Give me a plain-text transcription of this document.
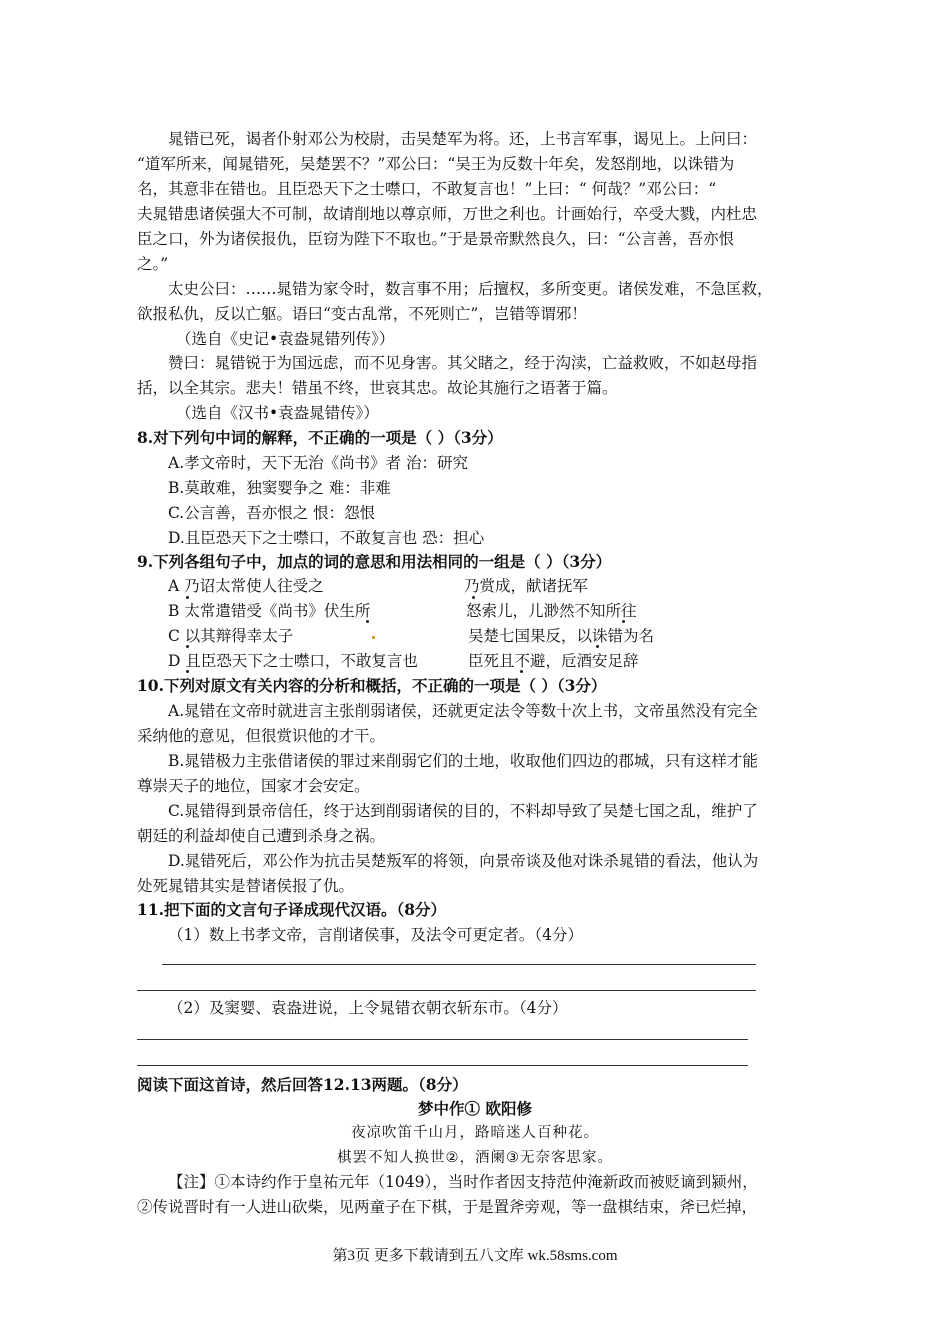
晁错已死，谒者仆射邓公为校尉，击吴楚军为将。还，上书言军事，谒见上。上问曰：
“道军所来，闻晁错死，吴楚罢不？”邓公曰：“吴王为反数十年矣，发怒削地，以诛错为
名，其意非在错也。且臣恐天下之士噤口，不敢复言也！”上曰：“ 何哉？”邓公曰：“
夫晁错患诸侯强大不可制，故请削地以尊京师，万世之利也。计画始行，卒受大戮，内杜忠
臣之口，外为诸侯报仇，臣窃为陛下不取也。”于是景帝默然良久，曰：“公言善，吾亦恨
之。”
太史公曰：……晁错为家令时，数言事不用；后擅权，多所变更。诸侯发难，不急匡救，
欲报私仇，反以亡躯。语曰“变古乱常，不死则亡”，岂错等谓邪！
（选自《史记•袁盎晁错列传》）
赞曰：晁错锐于为国远虑，而不见身害。其父睹之，经于沟渎，亡益救败，不如赵母指
括，以全其宗。悲夫！错虽不终，世哀其忠。故论其施行之语著于篇。
（选自《汉书•袁盎晁错传》）
8.对下列句中词的解释，不正确的一项是（ ）（3分）
A.孝文帝时，天下无治《尚书》者 治：研究
B.莫敢难，独窦婴争之 难：非难
C.公言善，吾亦恨之 恨：怨恨
D.且臣恐天下之士噤口，不敢复言也 恐：担心
9.下列各组句子中，加点的词的意思和用法相同的一组是（ ）（3分）
A 乃诏太常使人往受之	乃赏成，献诸抚军
B 太常遣错受《尚书》伏生所	怒索儿，儿渺然不知所往
C 以其辩得幸太子	吴楚七国果反，以诛错为名
D 且臣恐天下之士噤口，不敢复言也	臣死且不避，卮酒安足辞
10.下列对原文有关内容的分析和概括，不正确的一项是（ ）（3分）
A.晁错在文帝时就进言主张削弱诸侯，还就更定法令等数十次上书，文帝虽然没有完全
采纳他的意见，但很赏识他的才干。
B.晁错极力主张借诸侯的罪过来削弱它们的土地，收取他们四边的郡城，只有这样才能
尊崇天子的地位，国家才会安定。
C.晁错得到景帝信任，终于达到削弱诸侯的目的，不料却导致了吴楚七国之乱，维护了
朝廷的利益却使自己遭到杀身之祸。
D.晁错死后，邓公作为抗击吴楚叛军的将领，向景帝谈及他对诛杀晁错的看法，他认为
处死晁错其实是替诸侯报了仇。
11.把下面的文言句子译成现代汉语。（8分）
（1）数上书孝文帝，言削诸侯事，及法令可更定者。（4分）
（2）及窦婴、袁盎进说，上令晁错衣朝衣斩东市。（4分）
阅读下面这首诗，然后回答12.13两题。（8分）
梦中作① 欧阳修
夜凉吹笛千山月，路暗迷人百种花。
棋罢不知人换世②，酒阑③无奈客思家。
【注】①本诗约作于皇祐元年（1049），当时作者因支持范仲淹新政而被贬谪到颍州，
②传说晋时有一人进山砍柴，见两童子在下棋，于是置斧旁观，等一盘棋结束，斧已烂掉，
第3页 更多下载请到五八文库 wk.58sms.com
